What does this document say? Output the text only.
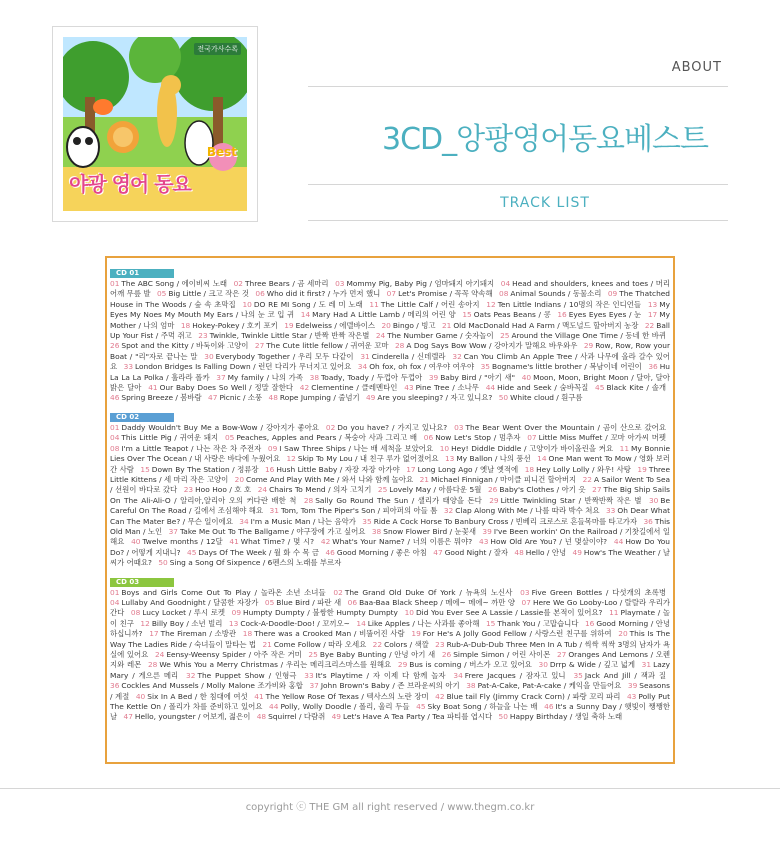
전국가사수록
Best
야광 영어 동요
ABOUT
3CD_앙팡영어동요베스트
TRACK LIST
CD 01
01 The ABC Song / 에이비씨 노래 02 Three Bears / 곰 세마리 03 Mommy Pig, Baby Pig / 엄마돼지 아기돼지 04 Head and shoulders, knees and toes / 머리 어깨 무릎 발 05 Big Little / 크고 작은 것 06 Who did it first? / 누가 먼저 했니 07 Let's Promise / 꼭꼭 약속해 08 Animal Sounds / 동물소리 09 The Thatched House in The Woods / 숲 속 초막집 10 DO RE MI Song / 도 레 미 노래 11 The Little Calf / 어린 송아지 12 Ten Little Indians / 10명의 작은 인디언들 13 My Eyes My Noes My Mouth My Ears / 나의 눈 코 입 귀 14 Mary Had A Little Lamb / 메리의 어린 양 15 Oats Peas Beans / 콩 16 Eyes Eyes Eyes / 눈 17 My Mother / 나의 엄마 18 Hokey-Pokey / 호키 포키 19 Edelweiss / 에델바이스 20 Bingo / 빙고 21 Old MacDonald Had A Farm / 맥도널드 할아버지 농장 22 Ball Up Your Fist / 주먹 쥐고 23 Twinkle, Twinkle Little Star / 반짝 반짝 작은별 24 The Number Game / 숫자놀이 25 Around the Village One Time / 동네 한 바퀴 26 Spot and the Kitty / 바둑이와 고양이 27 The Cute little fellow / 귀여운 꼬마 28 A Dog Says Bow Wow / 강아지가 말해요 바우와우 29 Row, Row, Row your Boat / "리"자로 끝나는 말 30 Everybody Together / 우리 모두 다같이 31 Cinderella / 신데렐라 32 Can You Climb An Apple Tree / 사과 나무에 올라 갈수 있어요 33 London Bridges Is Falling Down / 런던 다리가 무너지고 있어요 34 Oh fox, oh fox / 여우야 여우야 35 Bogname's little brother / 복남이네 어린이 36 Hu La La La Polka / 훌라라 폴카 37 My family / 나의 가족 38 Toady, Toady / 두껍아 두껍아 39 Baby Bird / "아기 새" 40 Moon, Moon, Bright Moon / 달아, 달아 밝은 달아 41 Our Baby Does So Well / 정말 잘한다 42 Clementine / 클레멘타인 43 Pine Tree / 소나무 44 Hide and Seek / 숨바꼭질 45 Black Kite / 솔개 46 Spring Breeze / 봄바람 47 Picnic / 소풍 48 Rope Jumping / 줄넘기 49 Are you sleeping? / 자고 있니요? 50 White cloud / 흰구름
CD 02
01 Daddy Wouldn't Buy Me a Bow-Wow / 강아지가 좋아요 02 Do you have? / 가지고 있나요? 03 The Bear Went Over the Mountain / 곰이 산으로 갔어요 04 This Little Pig / 귀여운 돼지 05 Peaches, Apples and Pears / 복숭아 사과 그리고 배 06 Now Let's Stop / 멈추자 07 Little Miss Muffet / 꼬마 아가씨 머펫 08 I'm a Little Teapot / 나는 작은 차 주전자 09 I Saw Three Ships / 나는 배 세척을 보았어요 10 Hey! Diddle Diddle / 고양이가 바이올린을 켜요 11 My Bonnie Lies Over The Ocean / 내 사랑은 바다에 누웠어요 12 Skip To My Lou / 내 친구 루가 없어졌어요 13 My Ballon / 나의 풍선 14 One Man went To Mow / 영화 보러 간 사람 15 Down By The Station / 정류장 16 Hush Little Baby / 자장 자장 아가야 17 Long Long Ago / 옛날 옛적에 18 Hey Lolly Lolly / 와우! 사탕 19 Three Little Kittens / 세 마리 작은 고양이 20 Come And Play With Me / 와서 나와 함께 놀아요 21 Michael Finnigan / 마이클 피니건 할아버지 22 A Sailor Went To Sea / 선원이 바다로 갔다 23 Hoo Hoo / 호 호 24 Chairs To Mend / 의자 고치기 25 Lovely May / 아름다운 5월 26 Baby's Clothes / 아기 옷 27 The Big Ship Sails On The Ali-Ali-O / 알리아,알리아 오의 커다란 배한 척 28 Sally Go Round The Sun / 샐리가 태양을 돈다 29 Little Twinkling Star / 반짝반짝 작은 별 30 Be Careful On The Road / 길에서 조심해야 해요 31 Tom, Tom The Piper's Son / 피아퍼의 아들 톰 32 Clap Along With Me / 나를 따라 박수 쳐요 33 Oh Dear What Can The Mater Be? / 무슨 일이에요 34 I'm a Music Man / 나는 음악가 35 Ride A Cock Horse To Banbury Cross / 빈베리 크로스로 흔들목마를 타고가자 36 This Old Man / 노인 37 Take Me Out To The Ballgame / 야구장에 가고 싶어요 38 Snow Flower Bird / 눈꽃새 39 I've Been workin' On the Railroad / 기찻길에서 일해요 40 Twelve months / 12달 41 What Time? / 몇 시? 42 What's Your Name? / 너의 이름은 뭐야? 43 How Old Are You? / 넌 몇살이야? 44 How Do You Do? / 어떻게 지내니? 45 Days Of The Week / 월 화 수 목 금 46 Good Morning / 좋은 아침 47 Good Night / 잘자 48 Hello / 안녕 49 How's The Weather / 날씨가 어때요? 50 Sing a Song Of Sixpence / 6펜스의 노래를 부르자
CD 03
01 Boys and Girls Come Out To Play / 놀라온 소년 소녀들 02 The Grand Old Duke Of York / 뉴욕의 노신사 03 Five Green Bottles / 다섯개의 초록병 04 Lullaby And Goodnight / 달콤한 자장가 05 Blue Bird / 파란 새 06 Baa-Baa Black Sheep / 메에~ 메에~ 까만 양 07 Here We Go Looby-Loo / 랄랄라 우리가 간다 08 Lucy Locket / 루시 로켓 09 Humpty Dumpty / 불쌍한 Humpty Dumpty 10 Did You Ever See A Lassie / Lassie를 본적이 있어요? 11 Playmate / 놀이 친구 12 Billy Boy / 소년 빌리 13 Cock-A-Doodle-Doo! / 꼬끼오~ 14 Like Apples / 나는 사과를 좋아해 15 Thank You / 고맙습니다 16 Good Morning / 안녕하십니까? 17 The Fireman / 소방관 18 There was a Crooked Man / 비뚤어진 사람 19 For He's A Jolly Good Fellow / 사랑스런 친구를 위하여 20 This Is The Way The Ladies Ride / 숙녀들이 말타는 법 21 Come Follow / 따라 오세요 22 Colors / 색깔 23 Rub-A-Dub-Dub Three Men In A Tub / 씩싹 씩싹 3명의 남자가 욕실에 있어요 24 Eensy-Weensy Spider / 아주 작은 거미 25 Bye Baby Bunting / 안녕 아기 새 26 Simple Simon / 어린 사이몬 27 Oranges And Lemons / 오렌지와 레몬 28 We Whis You a Merry Christmas / 우리는 메리크리스마스를 원해요 29 Bus is coming / 버스가 오고 있어요 30 Drrp & Wide / 깊고 넓게 31 Lazy Mary / 게으른 메리 32 The Puppet Show / 인형극 33 It's Playtime / 자 이제 다 함께 놀자 34 Frere Jacques / 잠자고 있니 35 Jack And Jill / 잭과 질 36 Cockles And Mussels / Molly Malone 조가비와 홍합 37 John Brown's Baby / 존 브라운씨의 아기 38 Pat-A-Cake, Pat-A-cake / 케익을 만들어요 39 Seasons / 계절 40 Six In A Bed / 한 침대에 여섯 41 The Yellow Rose Of Texas / 텍사스의 노란 장미 42 Blue tail Fly (Jimmy Crack Corn) / 파랑 꼬리 파리 43 Polly Put The Kettle On / 폴리가 차를 준비하고 있어요 44 Polly, Wolly Doodle / 폴리, 울리 두들 45 Sky Boat Song / 하늘을 나는 배 46 It's a Sunny Day / 햇빛이 쨍쨍한 날 47 Hello, youngster / 어보게, 젊은이 48 Squirrel / 다람쥐 49 Let's Have A Tea Party / Tea 파티를 엽시다 50 Happy Birthday / 생일 축하 노래
copyright ⓒ THE GM all right reserved / www.thegm.co.kr
